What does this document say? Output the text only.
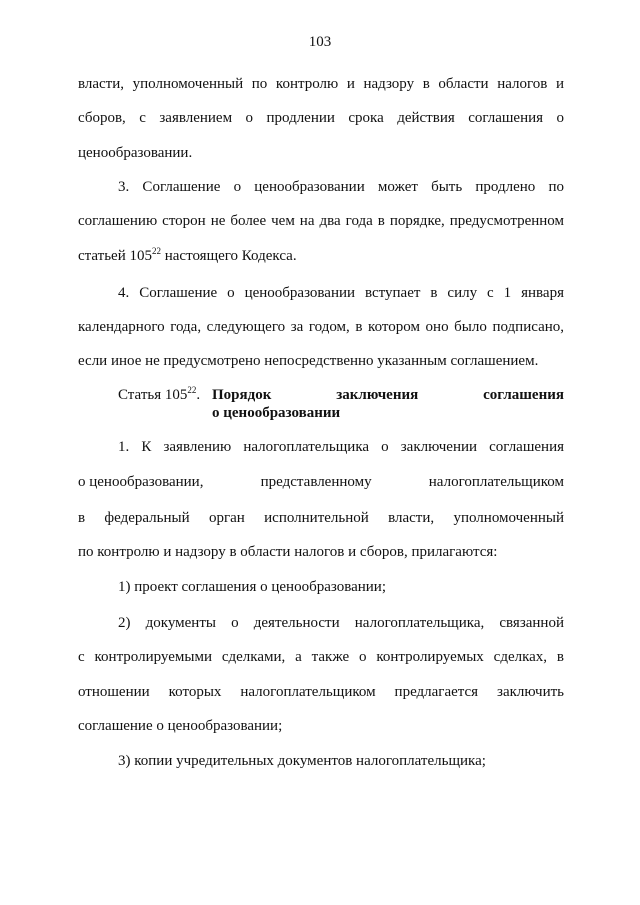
103
власти, уполномоченный по контролю и надзору в области налогов и
сборов, с заявлением о продлении срока действия соглашения о
ценообразовании.
3. Соглашение о ценообразовании может быть продлено по
соглашению сторон не более чем на два года в порядке, предусмотренном
статьей $105^{22}$ настоящего Кодекса.
4. Соглашение о ценообразовании вступает в силу с 1 января
календарного года, следующего за годом, в котором оно было подписано,
если иное не предусмотрено непосредственно указанным соглашением.
Статья $105^{22}$. Порядок	заключения	соглашения
о ценообразовании
1. К заявлению налогоплательщика о заключении соглашения
о ценообразовании,	представленному	налогоплательщиком
в федеральный орган исполнительной власти, уполномоченный
по контролю и надзору в области налогов и сборов, прилагаются:
1) проект соглашения о ценообразовании;
2) документы о деятельности налогоплательщика, связанной
с контролируемыми сделками, а также о контролируемых сделках, в
отношении которых налогоплательщиком предлагается заключить
соглашение о ценообразовании;
3) копии учредительных документов налогоплательщика;
